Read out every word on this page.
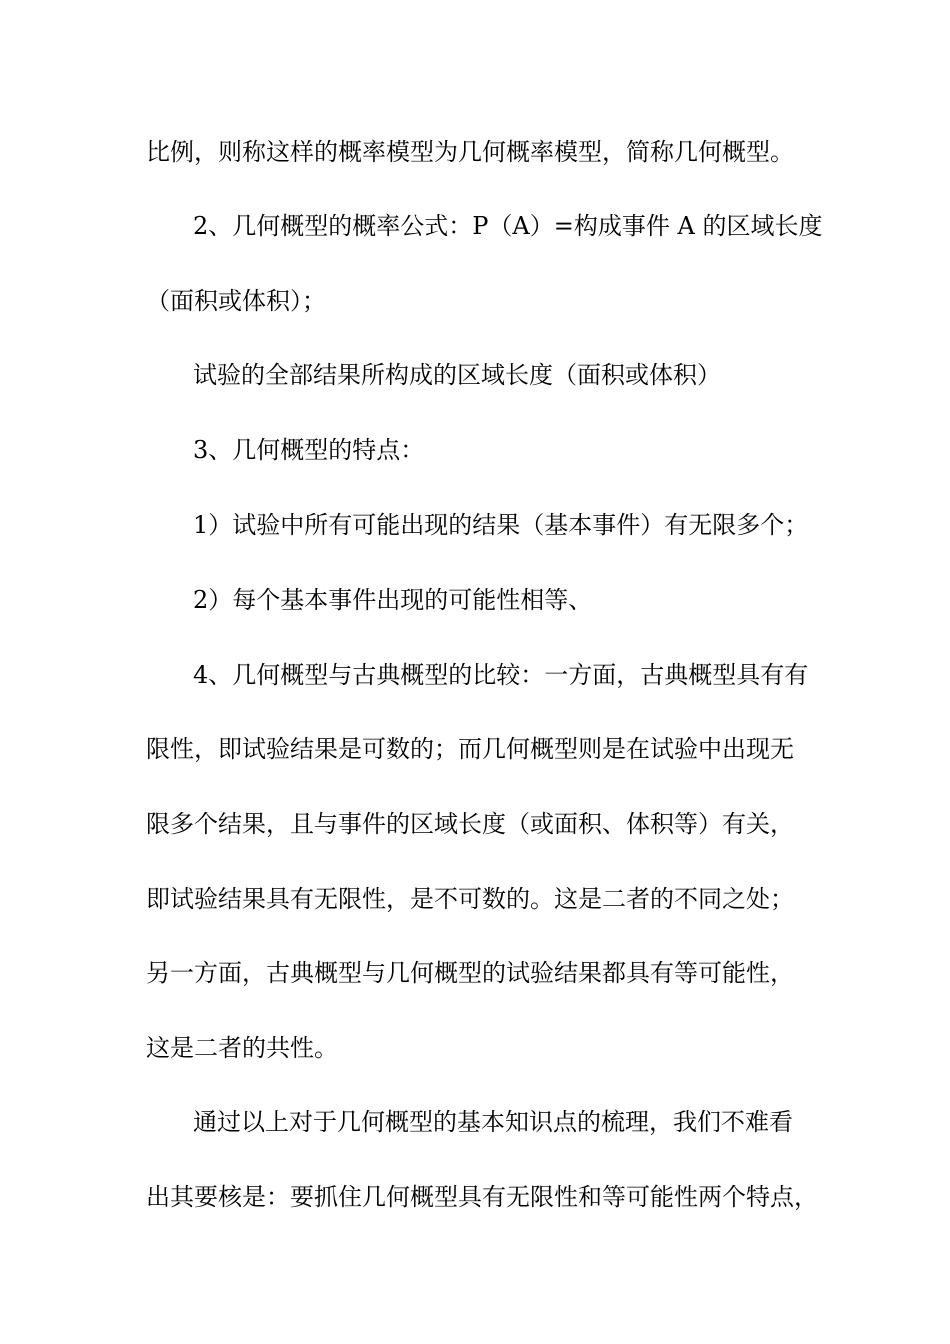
比例，则称这样的概率模型为几何概率模型，简称几何概型。
2、几何概型的概率公式：P（A）=构成事件 A 的区域长度
（面积或体积）；
试验的全部结果所构成的区域长度（面积或体积）
3、几何概型的特点：
1）试验中所有可能出现的结果（基本事件）有无限多个；
2）每个基本事件出现的可能性相等、
4、几何概型与古典概型的比较：一方面，古典概型具有有
限性，即试验结果是可数的；而几何概型则是在试验中出现无
限多个结果，且与事件的区域长度（或面积、体积等）有关，
即试验结果具有无限性，是不可数的。这是二者的不同之处；
另一方面，古典概型与几何概型的试验结果都具有等可能性，
这是二者的共性。
通过以上对于几何概型的基本知识点的梳理，我们不难看
出其要核是：要抓住几何概型具有无限性和等可能性两个特点，
